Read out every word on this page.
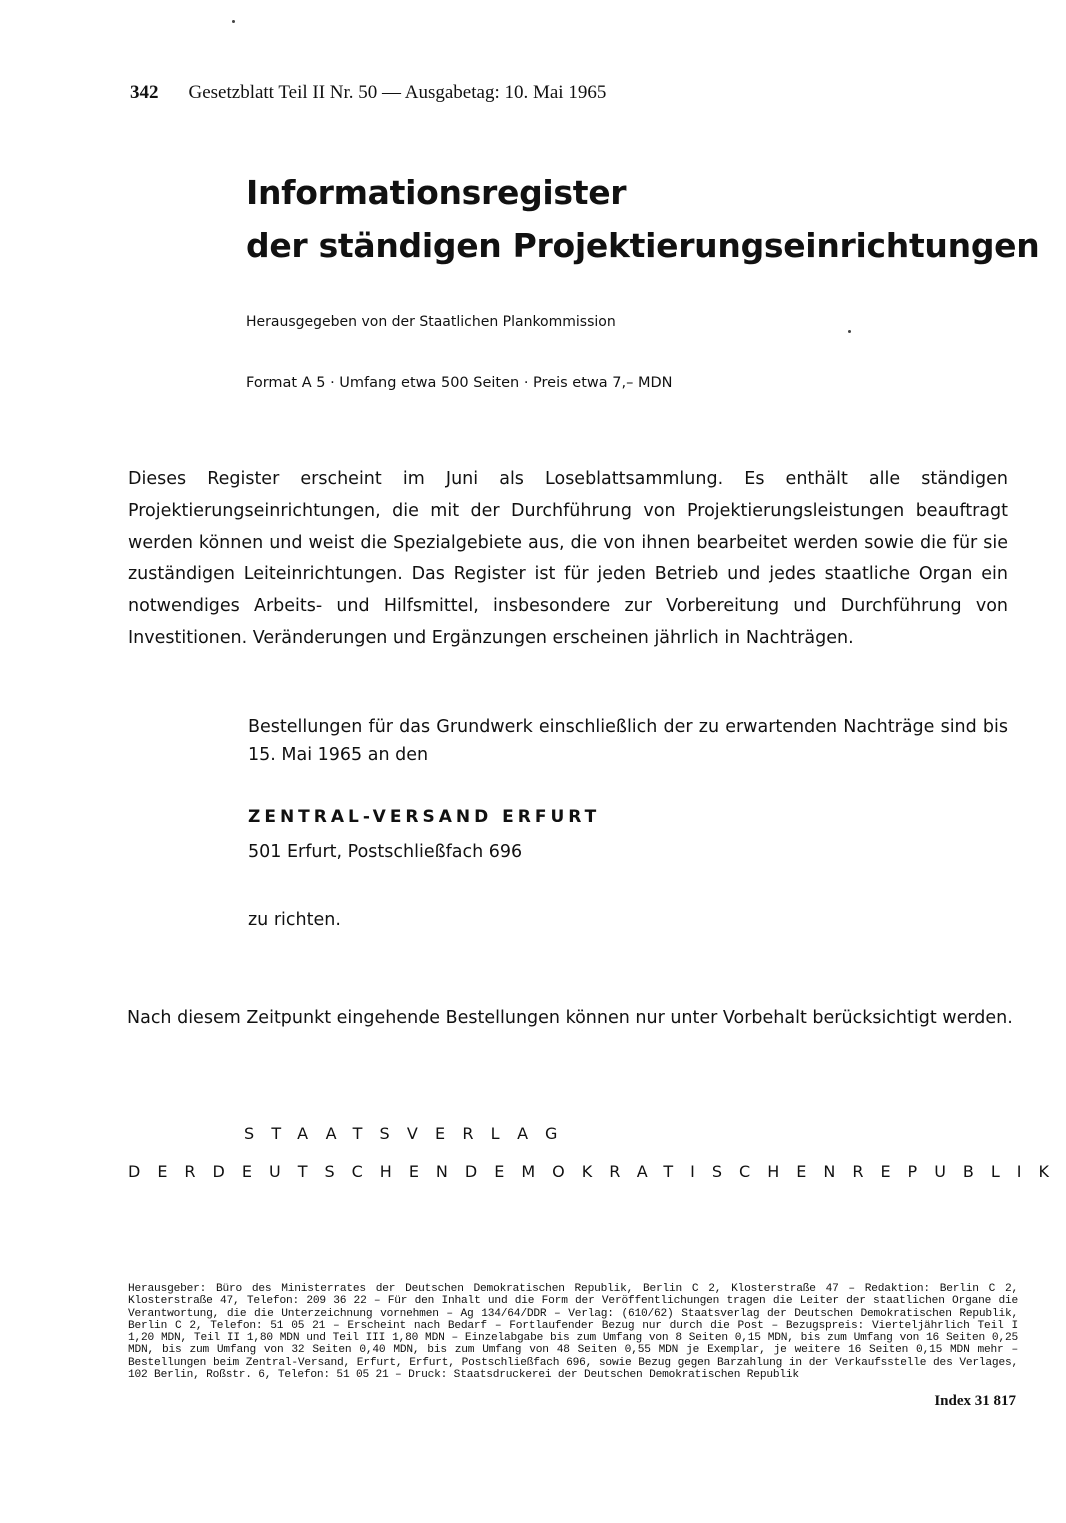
342 Gesetzblatt Teil II Nr. 50 — Ausgabetag: 10. Mai 1965
Informationsregister
der ständigen Projektierungseinrichtungen
Herausgegeben von der Staatlichen Plankommission
Format A 5 · Umfang etwa 500 Seiten · Preis etwa 7,– MDN
Dieses Register erscheint im Juni als Loseblattsammlung. Es enthält alle ständigen Projektierungseinrichtungen, die mit der Durchführung von Projektierungsleistungen beauftragt werden können und weist die Spezialgebiete aus, die von ihnen bearbeitet werden sowie die für sie zuständigen Leiteinrichtungen. Das Register ist für jeden Betrieb und jedes staatliche Organ ein notwendiges Arbeits- und Hilfsmittel, insbesondere zur Vorbereitung und Durchführung von Investitionen. Veränderungen und Ergänzungen erscheinen jährlich in Nachträgen.
Bestellungen für das Grundwerk einschließlich der zu erwartenden Nachträge sind bis 15. Mai 1965 an den
ZENTRAL-VERSAND ERFURT
501 Erfurt, Postschließfach 696
zu richten.
Nach diesem Zeitpunkt eingehende Bestellungen können nur unter Vorbehalt berücksichtigt werden.
STAATSVERLAG
DER DEUTSCHEN DEMOKRATISCHEN REPUBLIK
Herausgeber: Büro des Ministerrates der Deutschen Demokratischen Republik, Berlin C 2, Klosterstraße 47 – Redaktion: Berlin C 2, Klosterstraße 47, Telefon: 209 36 22 – Für den Inhalt und die Form der Veröffentlichungen tragen die Leiter der staatlichen Organe die Verantwortung, die die Unterzeichnung vornehmen – Ag 134/64/DDR – Verlag: (610/62) Staatsverlag der Deutschen Demokratischen Republik, Berlin C 2, Telefon: 51 05 21 – Erscheint nach Bedarf – Fortlaufender Bezug nur durch die Post – Bezugspreis: Vierteljährlich Teil I 1,20 MDN, Teil II 1,80 MDN und Teil III 1,80 MDN – Einzelabgabe bis zum Umfang von 8 Seiten 0,15 MDN, bis zum Umfang von 16 Seiten 0,25 MDN, bis zum Umfang von 32 Seiten 0,40 MDN, bis zum Umfang von 48 Seiten 0,55 MDN je Exemplar, je weitere 16 Seiten 0,15 MDN mehr – Bestellungen beim Zentral-Versand, Erfurt, Erfurt, Postschließfach 696, sowie Bezug gegen Barzahlung in der Verkaufsstelle des Verlages, 102 Berlin, Roßstr. 6, Telefon: 51 05 21 – Druck: Staatsdruckerei der Deutschen Demokratischen Republik
Index 31 817
